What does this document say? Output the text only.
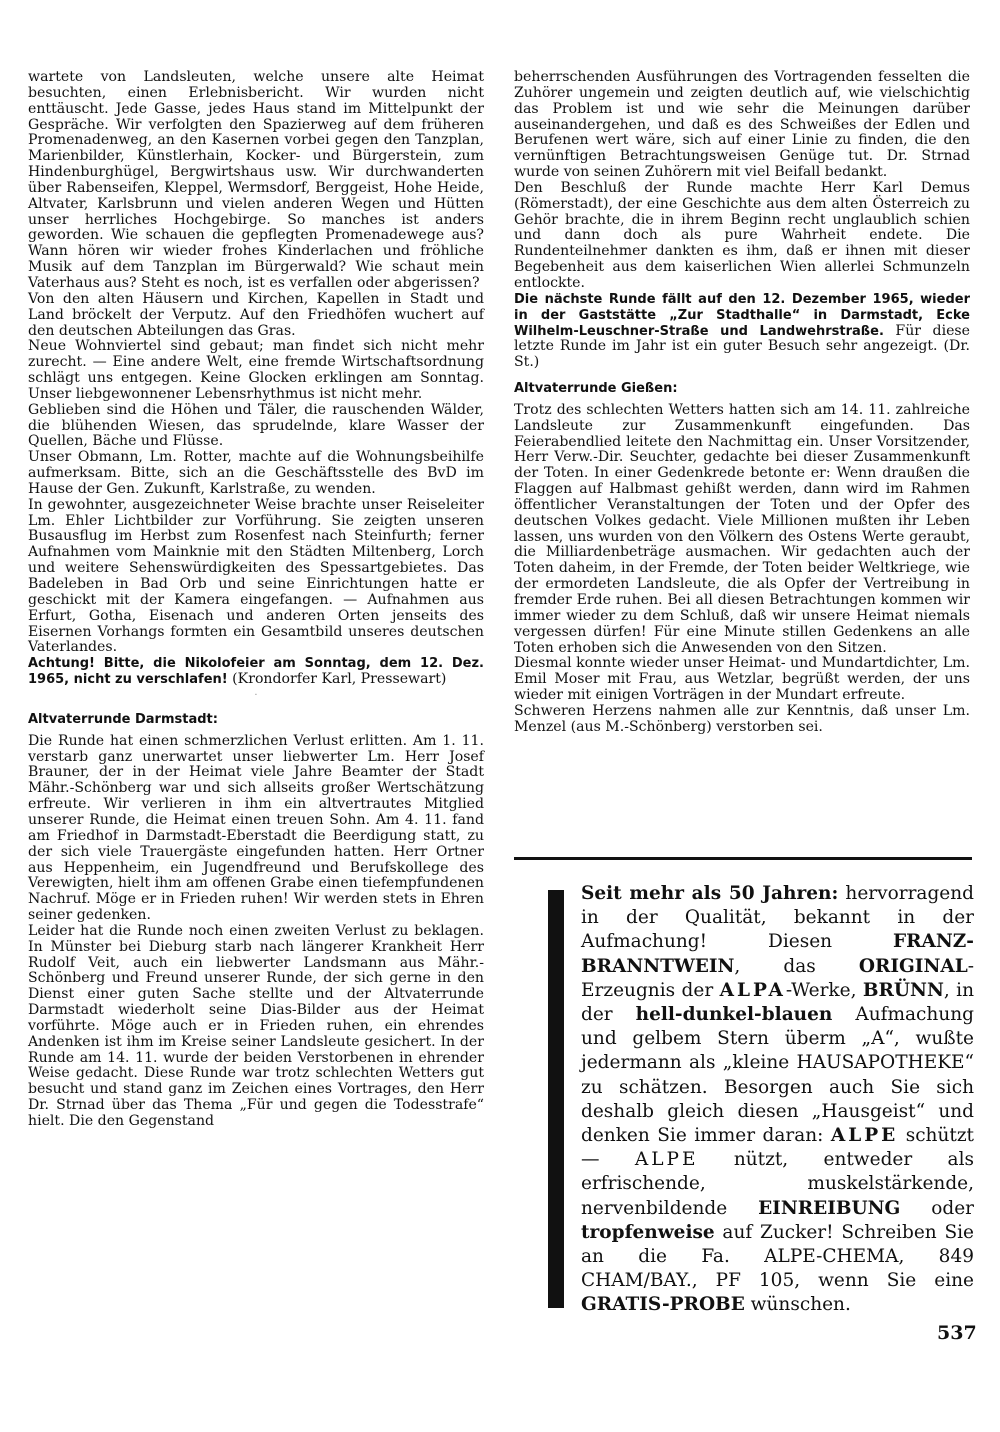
wartete von Landsleuten, welche unsere alte Heimat besuchten, einen Erlebnisbericht. Wir wurden nicht enttäuscht. Jede Gasse, jedes Haus stand im Mittelpunkt der Gespräche. Wir verfolgten den Spazierweg auf dem früheren Promenadenweg, an den Kasernen vorbei gegen den Tanzplan, Marienbilder, Künstlerhain, Kocker- und Bürgerstein, zum Hindenburghügel, Bergwirtshaus usw. Wir durchwanderten über Rabenseifen, Kleppel, Wermsdorf, Berggeist, Hohe Heide, Altvater, Karlsbrunn und vielen anderen Wegen und Hütten unser herrliches Hochgebirge. So manches ist anders geworden. Wie schauen die gepflegten Promenadewege aus? Wann hören wir wieder frohes Kinderlachen und fröhliche Musik auf dem Tanzplan im Bürgerwald? Wie schaut mein Vaterhaus aus? Steht es noch, ist es verfallen oder abgerissen?

Von den alten Häusern und Kirchen, Kapellen in Stadt und Land bröckelt der Verputz. Auf den Friedhöfen wuchert auf den deutschen Abteilungen das Gras.

Neue Wohnviertel sind gebaut; man findet sich nicht mehr zurecht. — Eine andere Welt, eine fremde Wirtschaftsordnung schlägt uns entgegen. Keine Glocken erklingen am Sonntag. Unser liebgewonnener Lebensrhythmus ist nicht mehr.

Geblieben sind die Höhen und Täler, die rauschenden Wälder, die blühenden Wiesen, das sprudelnde, klare Wasser der Quellen, Bäche und Flüsse.

Unser Obmann, Lm. Rotter, machte auf die Wohnungsbeihilfe aufmerksam. Bitte, sich an die Geschäftsstelle des BvD im Hause der Gen. Zukunft, Karlstraße, zu wenden.

In gewohnter, ausgezeichneter Weise brachte unser Reiseleiter Lm. Ehler Lichtbilder zur Vorführung. Sie zeigten unseren Busausflug im Herbst zum Rosenfest nach Steinfurth; ferner Aufnahmen vom Mainknie mit den Städten Miltenberg, Lorch und weitere Sehenswürdigkeiten des Spessartgebietes. Das Badeleben in Bad Orb und seine Einrichtungen hatte er geschickt mit der Kamera eingefangen. — Aufnahmen aus Erfurt, Gotha, Eisenach und anderen Orten jenseits des Eisernen Vorhangs formten ein Gesamtbild unseres deutschen Vaterlandes.

Achtung! Bitte, die Nikolofeier am Sonntag, dem 12. Dez. 1965, nicht zu verschlafen! (Krondorfer Karl, Pressewart)

·

Altvaterrunde Darmstadt:

Die Runde hat einen schmerzlichen Verlust erlitten. Am 1. 11. verstarb ganz unerwartet unser liebwerter Lm. Herr Josef Brauner, der in der Heimat viele Jahre Beamter der Stadt Mähr.-Schönberg war und sich allseits großer Wertschätzung erfreute. Wir verlieren in ihm ein altvertrautes Mitglied unserer Runde, die Heimat einen treuen Sohn. Am 4. 11. fand am Friedhof in Darmstadt-Eberstadt die Beerdigung statt, zu der sich viele Trauergäste eingefunden hatten. Herr Ortner aus Heppenheim, ein Jugendfreund und Berufskollege des Verewigten, hielt ihm am offenen Grabe einen tiefempfundenen Nachruf. Möge er in Frieden ruhen! Wir werden stets in Ehren seiner gedenken.

Leider hat die Runde noch einen zweiten Verlust zu beklagen. In Münster bei Dieburg starb nach längerer Krankheit Herr Rudolf Veit, auch ein liebwerter Landsmann aus Mähr.-Schönberg und Freund unserer Runde, der sich gerne in den Dienst einer guten Sache stellte und der Altvaterrunde Darmstadt wiederholt seine Dias-Bilder aus der Heimat vorführte. Möge auch er in Frieden ruhen, ein ehrendes Andenken ist ihm im Kreise seiner Landsleute gesichert. In der Runde am 14. 11. wurde der beiden Verstorbenen in ehrender Weise gedacht. Diese Runde war trotz schlechten Wetters gut besucht und stand ganz im Zeichen eines Vortrages, den Herr Dr. Strnad über das Thema „Für und gegen die Todesstrafe“ hielt. Die den Gegenstand

beherrschenden Ausführungen des Vortragenden fesselten die Zuhörer ungemein und zeigten deutlich auf, wie vielschichtig das Problem ist und wie sehr die Meinungen darüber auseinandergehen, und daß es des Schweißes der Edlen und Berufenen wert wäre, sich auf einer Linie zu finden, die den vernünftigen Betrachtungsweisen Genüge tut. Dr. Strnad wurde von seinen Zuhörern mit viel Beifall bedankt.

Den Beschluß der Runde machte Herr Karl Demus (Römerstadt), der eine Geschichte aus dem alten Österreich zu Gehör brachte, die in ihrem Beginn recht unglaublich schien und dann doch als pure Wahrheit endete. Die Rundenteilnehmer dankten es ihm, daß er ihnen mit dieser Begebenheit aus dem kaiserlichen Wien allerlei Schmunzeln entlockte.

Die nächste Runde fällt auf den 12. Dezember 1965, wieder in der Gaststätte „Zur Stadthalle“ in Darmstadt, Ecke Wilhelm-Leuschner-Straße und Landwehrstraße. Für diese letzte Runde im Jahr ist ein guter Besuch sehr angezeigt. (Dr. St.)

Altvaterrunde Gießen:

Trotz des schlechten Wetters hatten sich am 14. 11. zahlreiche Landsleute zur Zusammenkunft eingefunden. Das Feierabendlied leitete den Nachmittag ein. Unser Vorsitzender, Herr Verw.-Dir. Seuchter, gedachte bei dieser Zusammenkunft der Toten. In einer Gedenkrede betonte er: Wenn draußen die Flaggen auf Halbmast gehißt werden, dann wird im Rahmen öffentlicher Veranstaltungen der Toten und der Opfer des deutschen Volkes gedacht. Viele Millionen mußten ihr Leben lassen, uns wurden von den Völkern des Ostens Werte geraubt, die Milliardenbeträge ausmachen. Wir gedachten auch der Toten daheim, in der Fremde, der Toten beider Weltkriege, wie der ermordeten Landsleute, die als Opfer der Vertreibung in fremder Erde ruhen. Bei all diesen Betrachtungen kommen wir immer wieder zu dem Schluß, daß wir unsere Heimat niemals vergessen dürfen! Für eine Minute stillen Gedenkens an alle Toten erhoben sich die Anwesenden von den Sitzen.

Diesmal konnte wieder unser Heimat- und Mundartdichter, Lm. Emil Moser mit Frau, aus Wetzlar, begrüßt werden, der uns wieder mit einigen Vorträgen in der Mundart erfreute.

Schweren Herzens nahmen alle zur Kenntnis, daß unser Lm. Menzel (aus M.-Schönberg) verstorben sei.

Seit mehr als 50 Jahren: hervorragend in der Qualität, bekannt in der Aufmachung! Diesen FRANZ-BRANNTWEIN, das ORIGINAL-Erzeugnis der ALPA-Werke, BRÜNN, in der hell-dunkel-blauen Aufmachung und gelbem Stern überm „A“, wußte jedermann als „kleine HAUSAPOTHEKE“ zu schätzen. Besorgen auch Sie sich deshalb gleich diesen „Hausgeist“ und denken Sie immer daran: ALPE schützt — ALPE nützt, entweder als erfrischende, muskelstärkende, nervenbildende EINREIBUNG oder tropfenweise auf Zucker! Schreiben Sie an die Fa. ALPE-CHEMA, 849 CHAM/BAY., PF 105, wenn Sie eine GRATIS-PROBE wünschen.
537
